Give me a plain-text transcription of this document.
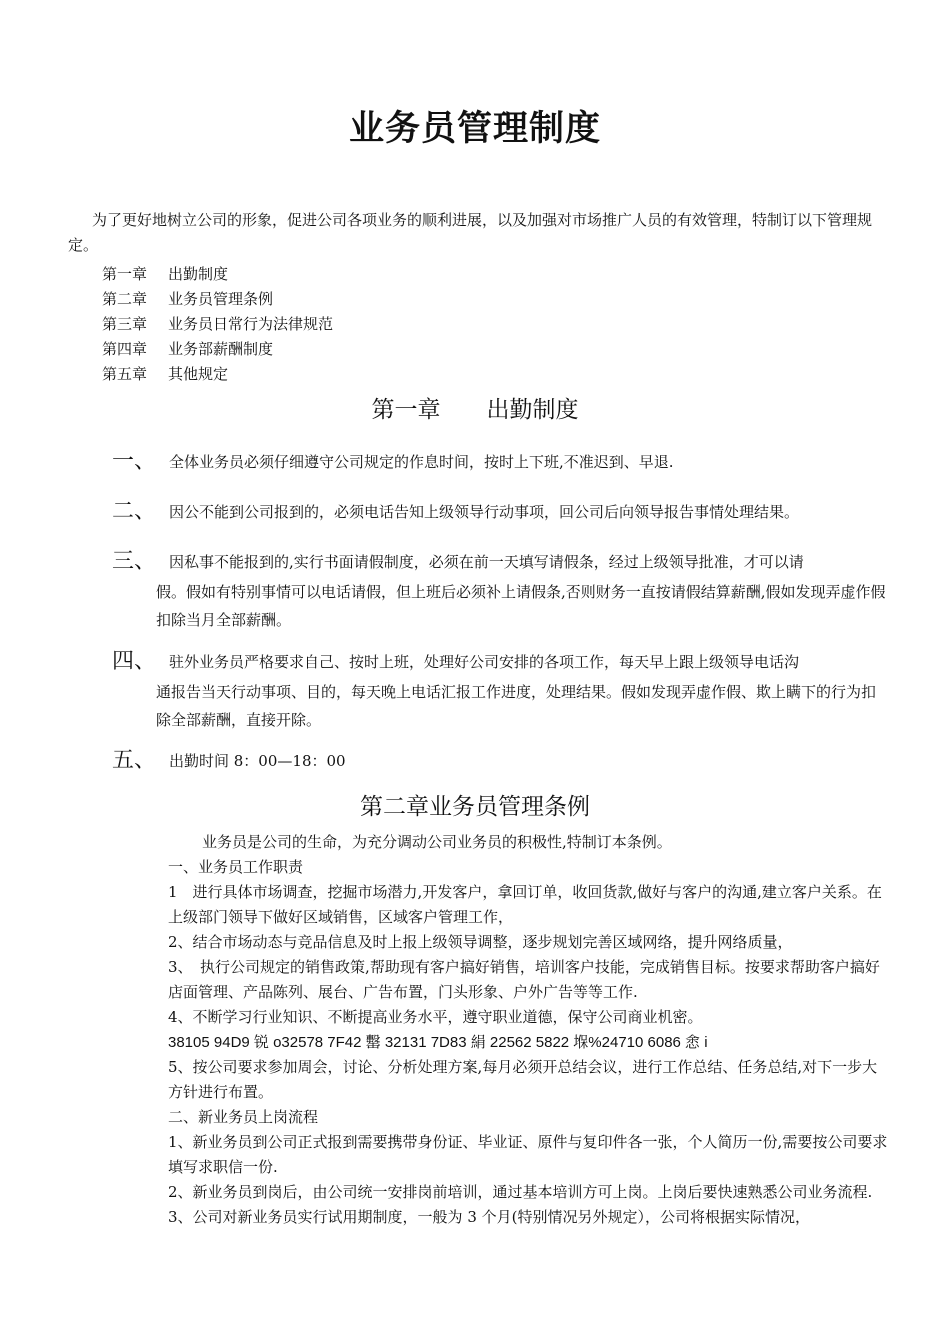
业务员管理制度
为了更好地树立公司的形象，促进公司各项业务的顺利进展，以及加强对市场推广人员的有效管理，特制订以下管理规定。
第一章	出勤制度
第二章	业务员管理条例
第三章	业务员日常行为法律规范
第四章	业务部薪酬制度
第五章	其他规定
第一章 出勤制度
一、 全体业务员必须仔细遵守公司规定的作息时间，按时上下班,不准迟到、早退.
二、 因公不能到公司报到的，必须电话告知上级领导行动事项，回公司后向领导报告事情处理结果。
三、 因私事不能报到的,实行书面请假制度，必须在前一天填写请假条，经过上级领导批准，才可以请
假。假如有特别事情可以电话请假，但上班后必须补上请假条,否则财务一直按请假结算薪酬,假如发现弄虚作假扣除当月全部薪酬。
四、 驻外业务员严格要求自己、按时上班，处理好公司安排的各项工作，每天早上跟上级领导电话沟
通报告当天行动事项、目的，每天晚上电话汇报工作进度，处理结果。假如发现弄虚作假、欺上瞒下的行为扣除全部薪酬，直接开除。
五、 出勤时间 8：00—18：00
第二章业务员管理条例

业务员是公司的生命，为充分调动公司业务员的积极性,特制订本条例。

一、业务员工作职责

1　进行具体市场调查，挖掘市场潜力,开发客户，拿回订单，收回货款,做好与客户的沟通,建立客户关系。在上级部门领导下做好区域销售，区域客户管理工作，

2、结合市场动态与竞品信息及时上报上级领导调整，逐步规划完善区域网络，提升网络质量，

3、　执行公司规定的销售政策,帮助现有客户搞好销售，培训客户技能，完成销售目标。按要求帮助客户搞好店面管理、产品陈列、展台、广告布置，门头形象、户外广告等等工作.

4、不断学习行业知识、不断提高业务水平，遵守职业道德，保守公司商业机密。

38105 94D9 锐 o32578 7F42 罊 32131 7D83 絹 22562 5822 堢%24710 6086 悆 i

5、按公司要求参加周会，讨论、分析处理方案,每月必须开总结会议，进行工作总结、任务总结,对下一步大方针进行布置。

二、新业务员上岗流程

1、新业务员到公司正式报到需要携带身份证、毕业证、原件与复印件各一张，个人简历一份,需要按公司要求填写求职信一份.

2、新业务员到岗后，由公司统一安排岗前培训，通过基本培训方可上岗。上岗后要快速熟悉公司业务流程.

3、公司对新业务员实行试用期制度，一般为 3 个月(特别情况另外规定），公司将根据实际情况，
